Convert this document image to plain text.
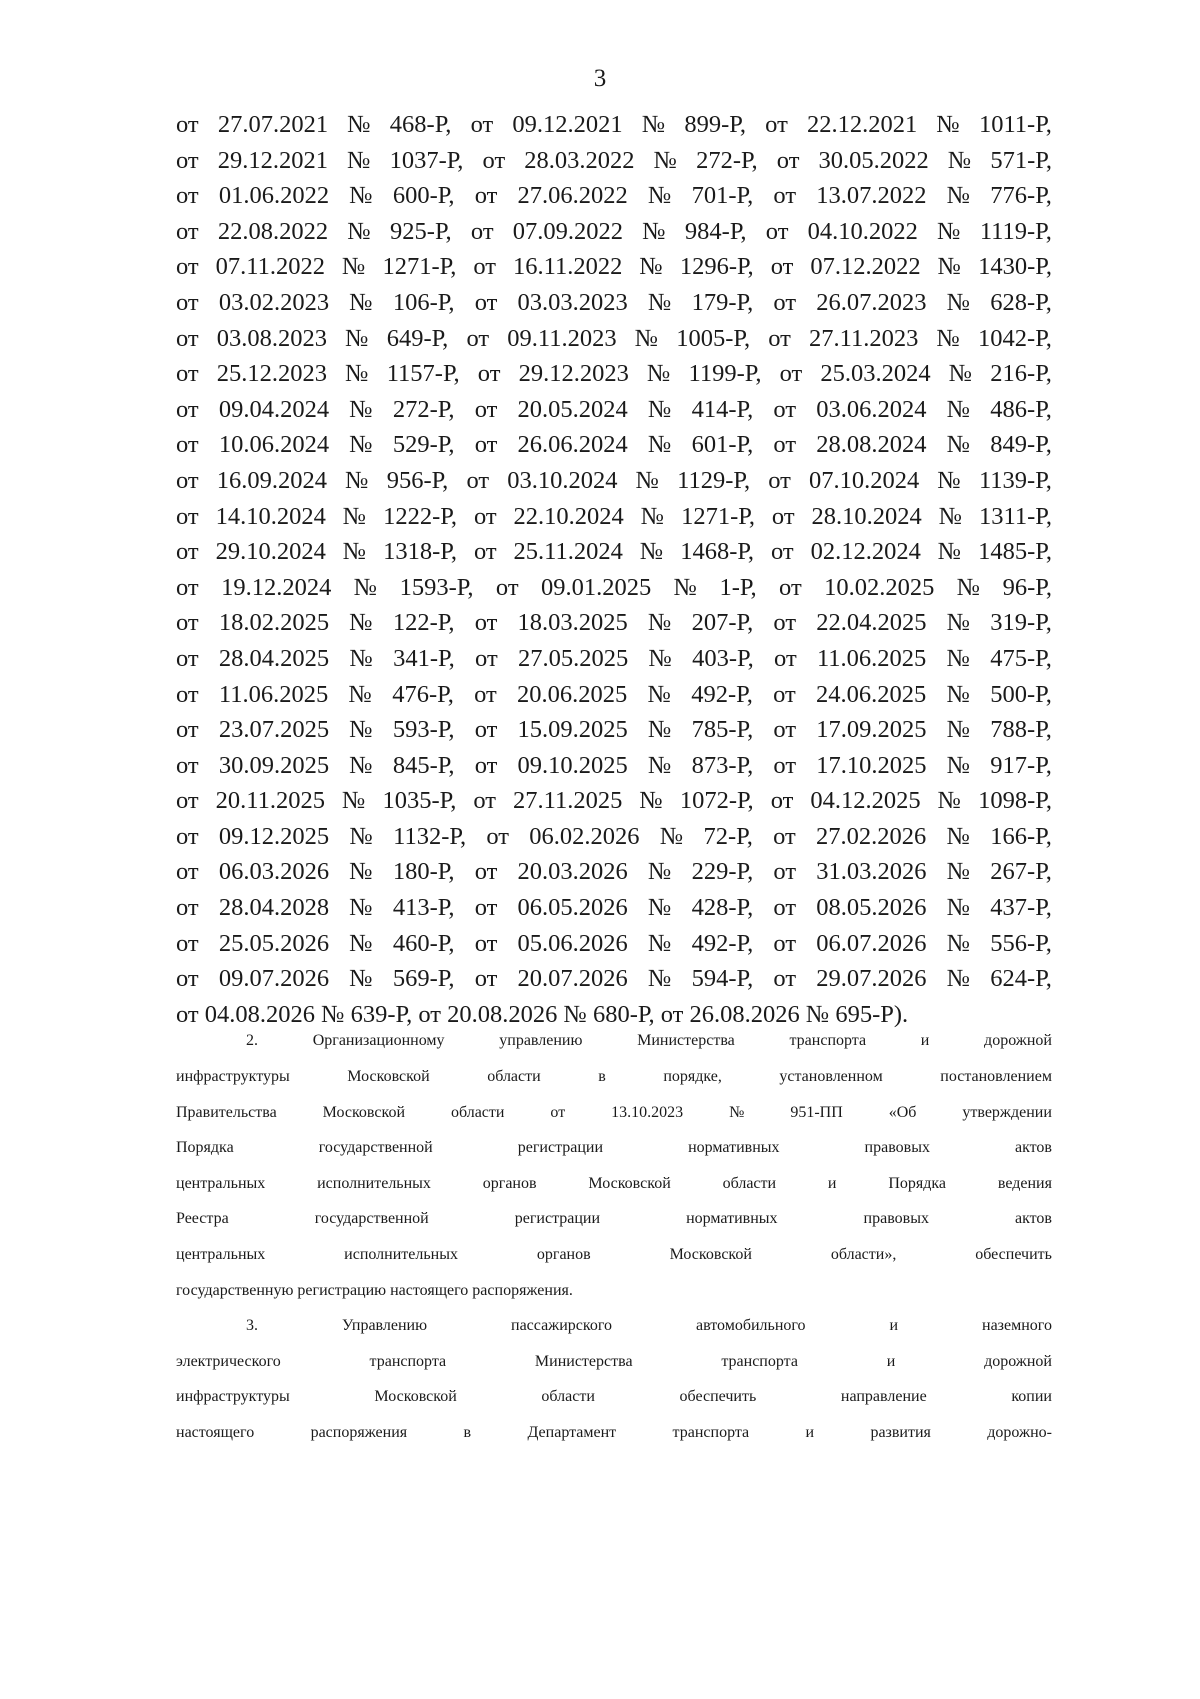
3
от 27.07.2021 № 468-Р, от 09.12.2021 № 899-Р, от 22.12.2021 № 1011-Р,
от 29.12.2021 № 1037-Р, от 28.03.2022 № 272-Р, от 30.05.2022 № 571-Р,
от 01.06.2022 № 600-Р, от 27.06.2022 № 701-Р, от 13.07.2022 № 776-Р,
от 22.08.2022 № 925-Р, от 07.09.2022 № 984-Р, от 04.10.2022 № 1119-Р,
от 07.11.2022 № 1271-Р, от 16.11.2022 № 1296-Р, от 07.12.2022 № 1430-Р,
от 03.02.2023 № 106-Р, от 03.03.2023 № 179-Р, от 26.07.2023 № 628-Р,
от 03.08.2023 № 649-Р, от 09.11.2023 № 1005-Р, от 27.11.2023 № 1042-Р,
от 25.12.2023 № 1157-Р, от 29.12.2023 № 1199-Р, от 25.03.2024 № 216-Р,
от 09.04.2024 № 272-Р, от 20.05.2024 № 414-Р, от 03.06.2024 № 486-Р,
от 10.06.2024 № 529-Р, от 26.06.2024 № 601-Р, от 28.08.2024 № 849-Р,
от 16.09.2024 № 956-Р, от 03.10.2024 № 1129-Р, от 07.10.2024 № 1139-Р,
от 14.10.2024 № 1222-Р, от 22.10.2024 № 1271-Р, от 28.10.2024 № 1311-Р,
от 29.10.2024 № 1318-Р, от 25.11.2024 № 1468-Р, от 02.12.2024 № 1485-Р,
от 19.12.2024 № 1593-Р, от 09.01.2025 № 1-Р, от 10.02.2025 № 96-Р,
от 18.02.2025 № 122-Р, от 18.03.2025 № 207-Р, от 22.04.2025 № 319-Р,
от 28.04.2025 № 341-Р, от 27.05.2025 № 403-Р, от 11.06.2025 № 475-Р,
от 11.06.2025 № 476-Р, от 20.06.2025 № 492-Р, от 24.06.2025 № 500-Р,
от 23.07.2025 № 593-Р, от 15.09.2025 № 785-Р, от 17.09.2025 № 788-Р,
от 30.09.2025 № 845-Р, от 09.10.2025 № 873-Р, от 17.10.2025 № 917-Р,
от 20.11.2025 № 1035-Р, от 27.11.2025 № 1072-Р, от 04.12.2025 № 1098-Р,
от 09.12.2025 № 1132-Р, от 06.02.2026 № 72-Р, от 27.02.2026 № 166-Р,
от 06.03.2026 № 180-Р, от 20.03.2026 № 229-Р, от 31.03.2026 № 267-Р,
от 28.04.2028 № 413-Р, от 06.05.2026 № 428-Р, от 08.05.2026 № 437-Р,
от 25.05.2026 № 460-Р, от 05.06.2026 № 492-Р, от 06.07.2026 № 556-Р,
от 09.07.2026 № 569-Р, от 20.07.2026 № 594-Р, от 29.07.2026 № 624-Р,
от 04.08.2026 № 639-Р, от 20.08.2026 № 680-Р, от 26.08.2026 № 695-Р).
2.	Организационному	управлению	Министерства	транспорта	и	дорожной
инфраструктуры	Московской	области	в	порядке,	установленном	постановлением
Правительства	Московской	области	от	13.10.2023	№	951-ПП	«Об	утверждении
Порядка	государственной	регистрации	нормативных	правовых	актов
центральных	исполнительных	органов	Московской	области	и	Порядка	ведения
Реестра	государственной	регистрации	нормативных	правовых	актов
центральных	исполнительных	органов	Московской	области»,	обеспечить
государственную регистрацию настоящего распоряжения.
3.	Управлению	пассажирского	автомобильного	и	наземного
электрического	транспорта	Министерства	транспорта	и	дорожной
инфраструктуры	Московской	области	обеспечить	направление	копии
настоящего	распоряжения	в	Департамент	транспорта	и	развития	дорожно-
